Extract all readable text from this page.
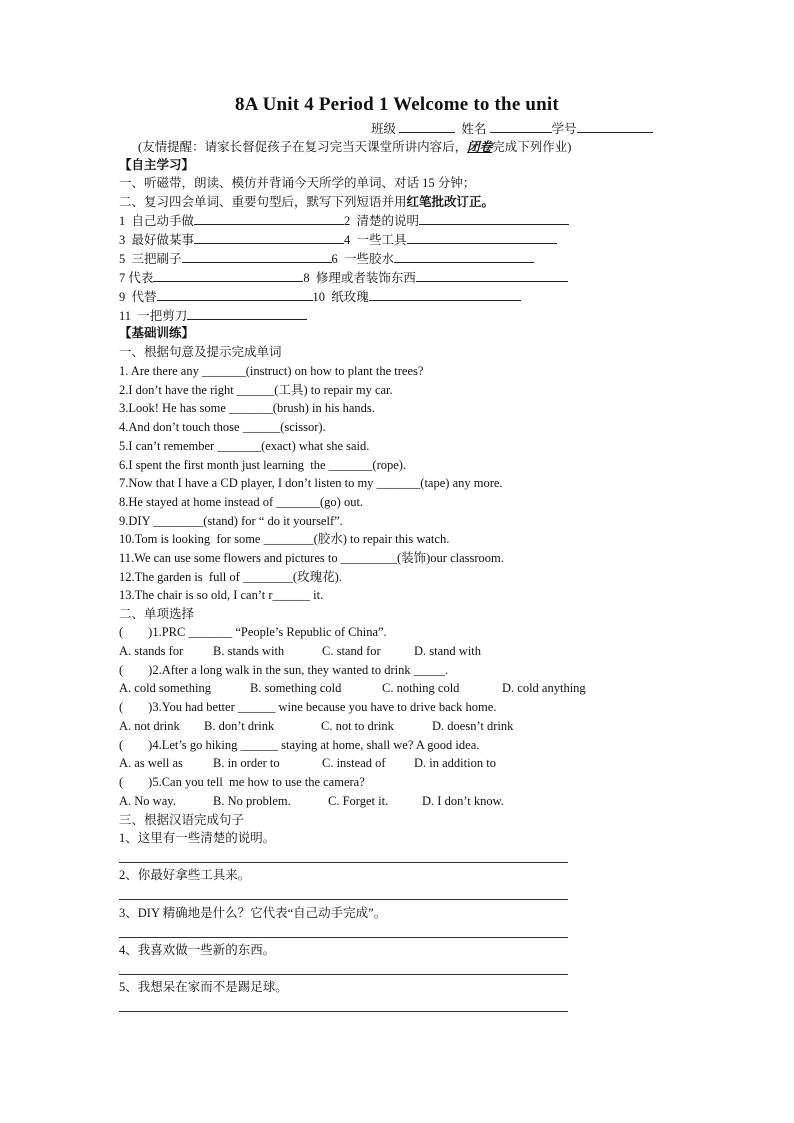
8A Unit 4 Period 1 Welcome to the unit
班级	姓名	学号
(友情提醒：请家长督促孩子在复习完当天课堂所讲内容后，闭卷完成下列作业)
【自主学习】
一、听磁带，朗读、模仿并背诵今天所学的单词、对话 15 分钟；
二、复习四会单词、重要句型后，默写下列短语并用红笔批改订正。
1  自己动手做	2  清楚的说明
3  最好做某事	4  一些工具
5  三把刷子	6  一些胶水
7 代表	8  修理或者装饰东西
9  代替	10  纸玫瑰
11  一把剪刀
【基础训练】
一、根据句意及提示完成单词
1. Are there any _______(instruct) on how to plant the trees?
2.I don’t have the right ______(工具) to repair my car.
3.Look! He has some _______(brush) in his hands.
4.And don’t touch those ______(scissor).
5.I can’t remember _______(exact) what she said.
6.I spent the first month just learning  the _______(rope).
7.Now that I have a CD player, I don’t listen to my _______(tape) any more.
8.He stayed at home instead of _______(go) out.
9.DIY ________(stand) for “ do it yourself”.
10.Tom is looking  for some ________(胶水) to repair this watch.
11.We can use some flowers and pictures to _________(装饰)our classroom.
12.The garden is  full of ________(玫瑰花).
13.The chair is so old, I can’t r______ it.
二、单项选择
(        )1.PRC _______ “People’s Republic of China”.
A. stands for B. stands with	C. stand for	D. stand with
(        )2.After a long walk in the sun, they wanted to drink _____.
A. cold something	B. something cold	C. nothing cold	D. cold anything
(        )3.You had better ______ wine because you have to drive back home.
A. not drink B. don’t drink	C. not to drink	D. doesn’t drink
(        )4.Let’s go hiking ______ staying at home, shall we? A good idea.
A. as well as B. in order to	C. instead of D. in addition to
(        )5.Can you tell  me how to use the camera?
A. No way.	B. No problem.	C. Forget it.	D. I don’t know.
三、根据汉语完成句子
1、这里有一些清楚的说明。
2、你最好拿些工具来。
3、DIY 精确地是什么？它代表“自己动手完成”。
4、我喜欢做一些新的东西。
5、我想呆在家而不是踢足球。
